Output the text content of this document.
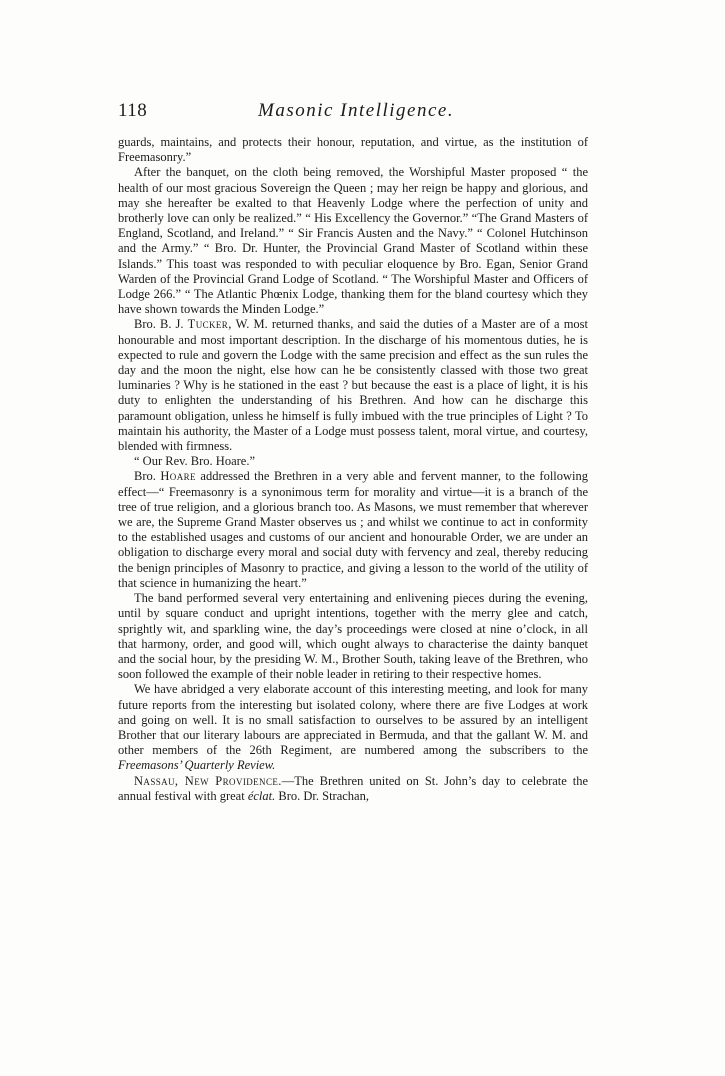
118	Masonic Intelligence.

guards, maintains, and protects their honour, reputation, and virtue, as the institution of Freemasonry.”

After the banquet, on the cloth being removed, the Worshipful Master proposed “ the health of our most gracious Sovereign the Queen ; may her reign be happy and glorious, and may she hereafter be exalted to that Heavenly Lodge where the perfection of unity and brotherly love can only be realized.” “ His Excellency the Governor.” “The Grand Masters of England, Scotland, and Ireland.” “ Sir Francis Austen and the Navy.” “ Colonel Hutchinson and the Army.” “ Bro. Dr. Hunter, the Provincial Grand Master of Scotland within these Islands.” This toast was responded to with peculiar eloquence by Bro. Egan, Senior Grand Warden of the Provincial Grand Lodge of Scotland. “ The Worshipful Master and Officers of Lodge 266.” “ The Atlantic Phœnix Lodge, thanking them for the bland courtesy which they have shown towards the Minden Lodge.”

Bro. B. J. Tucker, W. M. returned thanks, and said the duties of a Master are of a most honourable and most important description. In the discharge of his momentous duties, he is expected to rule and govern the Lodge with the same precision and effect as the sun rules the day and the moon the night, else how can he be consistently classed with those two great luminaries ? Why is he stationed in the east ? but because the east is a place of light, it is his duty to enlighten the understanding of his Brethren. And how can he discharge this paramount obligation, unless he himself is fully imbued with the true principles of Light ? To maintain his authority, the Master of a Lodge must possess talent, moral virtue, and courtesy, blended with firmness.

“ Our Rev. Bro. Hoare.”

Bro. Hoare addressed the Brethren in a very able and fervent manner, to the following effect—“ Freemasonry is a synonimous term for morality and virtue—it is a branch of the tree of true religion, and a glorious branch too. As Masons, we must remember that wherever we are, the Supreme Grand Master observes us ; and whilst we continue to act in conformity to the established usages and customs of our ancient and honourable Order, we are under an obligation to discharge every moral and social duty with fervency and zeal, thereby reducing the benign principles of Masonry to practice, and giving a lesson to the world of the utility of that science in humanizing the heart.”

The band performed several very entertaining and enlivening pieces during the evening, until by square conduct and upright intentions, together with the merry glee and catch, sprightly wit, and sparkling wine, the day’s proceedings were closed at nine o’clock, in all that harmony, order, and good will, which ought always to characterise the dainty banquet and the social hour, by the presiding W. M., Brother South, taking leave of the Brethren, who soon followed the example of their noble leader in retiring to their respective homes.

We have abridged a very elaborate account of this interesting meeting, and look for many future reports from the interesting but isolated colony, where there are five Lodges at work and going on well. It is no small satisfaction to ourselves to be assured by an intelligent Brother that our literary labours are appreciated in Bermuda, and that the gallant W. M. and other members of the 26th Regiment, are numbered among the subscribers to the Freemasons’ Quarterly Review.

Nassau, New Providence.—The Brethren united on St. John’s day to celebrate the annual festival with great éclat. Bro. Dr. Strachan,
